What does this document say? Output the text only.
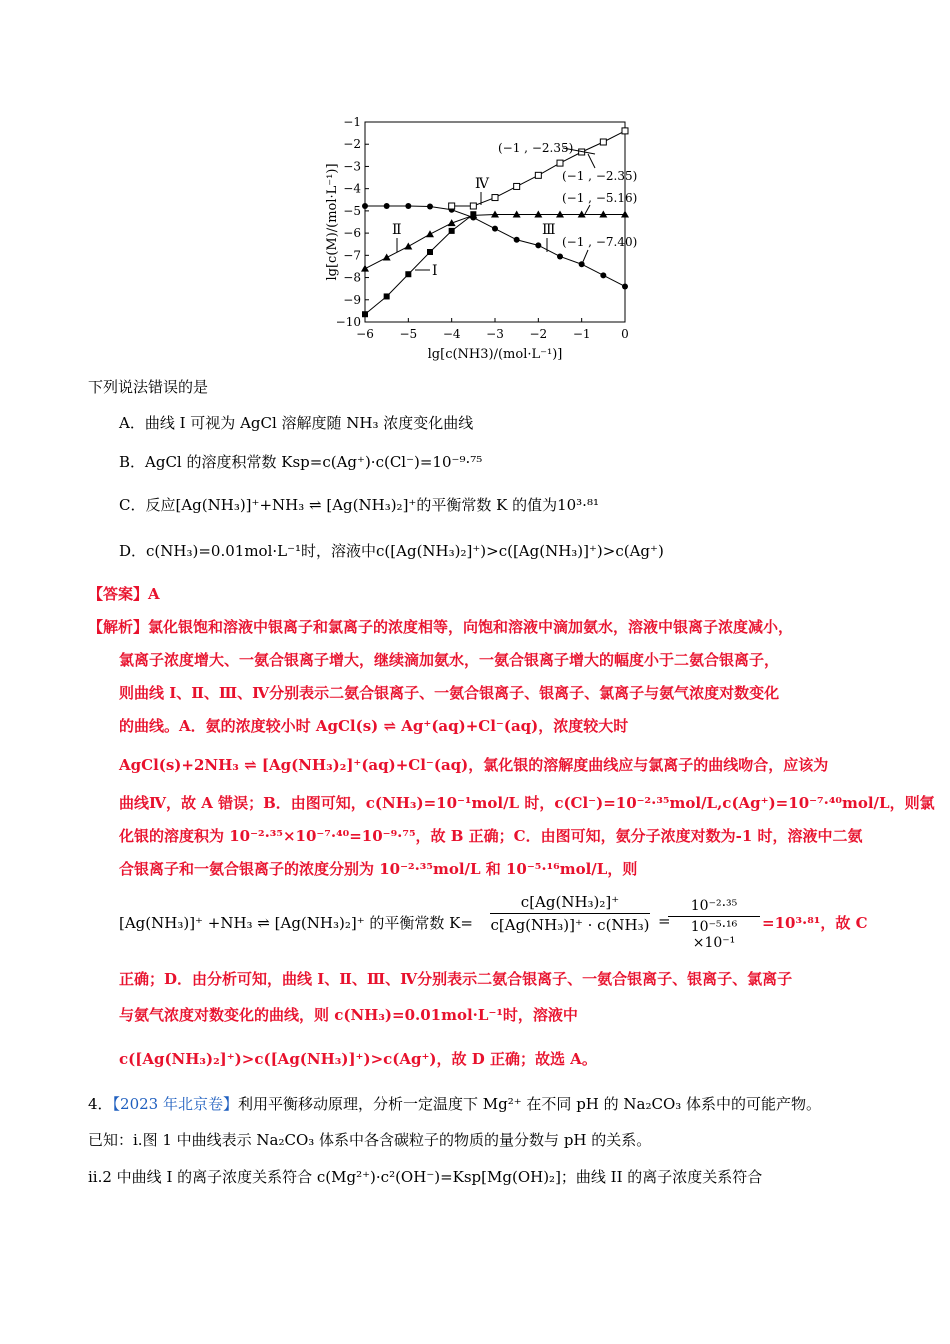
−6 −5 −4 −3 −2 −1	0
−1
−2
−3
−4
−5
−6
−7
−8
−9
−10
lg[c(NH3)/(mol·L⁻¹)]
lg[c(M)/(mol·L⁻¹)]
(−1 , −2.35)
(−1 , −2.35)
(−1 , −5.16)
(−1 , −7.40)
Ⅰ
Ⅱ	Ⅲ
Ⅳ
下列说法错误的是
A．曲线 I 可视为 AgCl 溶解度随 NH₃ 浓度变化曲线
B．AgCl 的溶度积常数 Ksp=c(Ag⁺)·c(Cl⁻)=10⁻⁹·⁷⁵
C．反应[Ag(NH₃)]⁺+NH₃ ⇌ [Ag(NH₃)₂]⁺的平衡常数 K 的值为10³·⁸¹
D．c(NH₃)=0.01mol·L⁻¹时，溶液中c([Ag(NH₃)₂]⁺)>c([Ag(NH₃)]⁺)>c(Ag⁺)
【答案】A
【解析】氯化银饱和溶液中银离子和氯离子的浓度相等，向饱和溶液中滴加氨水，溶液中银离子浓度减小，
氯离子浓度增大、一氨合银离子增大，继续滴加氨水，一氨合银离子增大的幅度小于二氨合银离子，
则曲线 I、Ⅱ、Ⅲ、Ⅳ分别表示二氨合银离子、一氨合银离子、银离子、氯离子与氨气浓度对数变化
的曲线。A．氨的浓度较小时 AgCl(s) ⇌ Ag⁺(aq)+Cl⁻(aq)，浓度较大时
AgCl(s)+2NH₃ ⇌ [Ag(NH₃)₂]⁺(aq)+Cl⁻(aq)，氯化银的溶解度曲线应与氯离子的曲线吻合，应该为
曲线Ⅳ，故 A 错误；B．由图可知，c(NH₃)=10⁻¹mol/L 时，c(Cl⁻)=10⁻²·³⁵mol/L,c(Ag⁺)=10⁻⁷·⁴⁰mol/L，则氯
化银的溶度积为 10⁻²·³⁵×10⁻⁷·⁴⁰=10⁻⁹·⁷⁵，故 B 正确；C．由图可知，氨分子浓度对数为-1 时，溶液中二氨
合银离子和一氨合银离子的浓度分别为 10⁻²·³⁵mol/L 和 10⁻⁵·¹⁶mol/L，则
[Ag(NH₃)]⁺ +NH₃ ⇌ [Ag(NH₃)₂]⁺ 的平衡常数 $K= \frac{\text{c[Ag(NH₃)₂]⁺}}{\text{c[Ag(NH₃)]⁺ · c(NH₃)}}$ =
$\frac{\text{10⁻²·³⁵}}{\text{10⁻⁵·¹⁶ ×10⁻¹}} =10^3\cdot^{81}$，故 C
正确；D．由分析可知，曲线 I、Ⅱ、Ⅲ、Ⅳ分别表示二氨合银离子、一氨合银离子、银离子、氯离子
与氨气浓度对数变化的曲线，则 c(NH₃)=0.01mol·L⁻¹时，溶液中
c([Ag(NH₃)₂]⁺)>c([Ag(NH₃)]⁺)>c(Ag⁺)，故 D 正确；故选 A。
4．【2023 年北京卷】利用平衡移动原理，分析一定温度下 Mg²⁺ 在不同 pH 的 Na₂CO₃ 体系中的可能产物。
已知：i.图 1 中曲线表示 Na₂CO₃ 体系中各含碳粒子的物质的量分数与 pH 的关系。
ii.2 中曲线 I 的离子浓度关系符合 c(Mg²⁺)·c²(OH⁻)=Ksp[Mg(OH)₂]；曲线 II 的离子浓度关系符合
